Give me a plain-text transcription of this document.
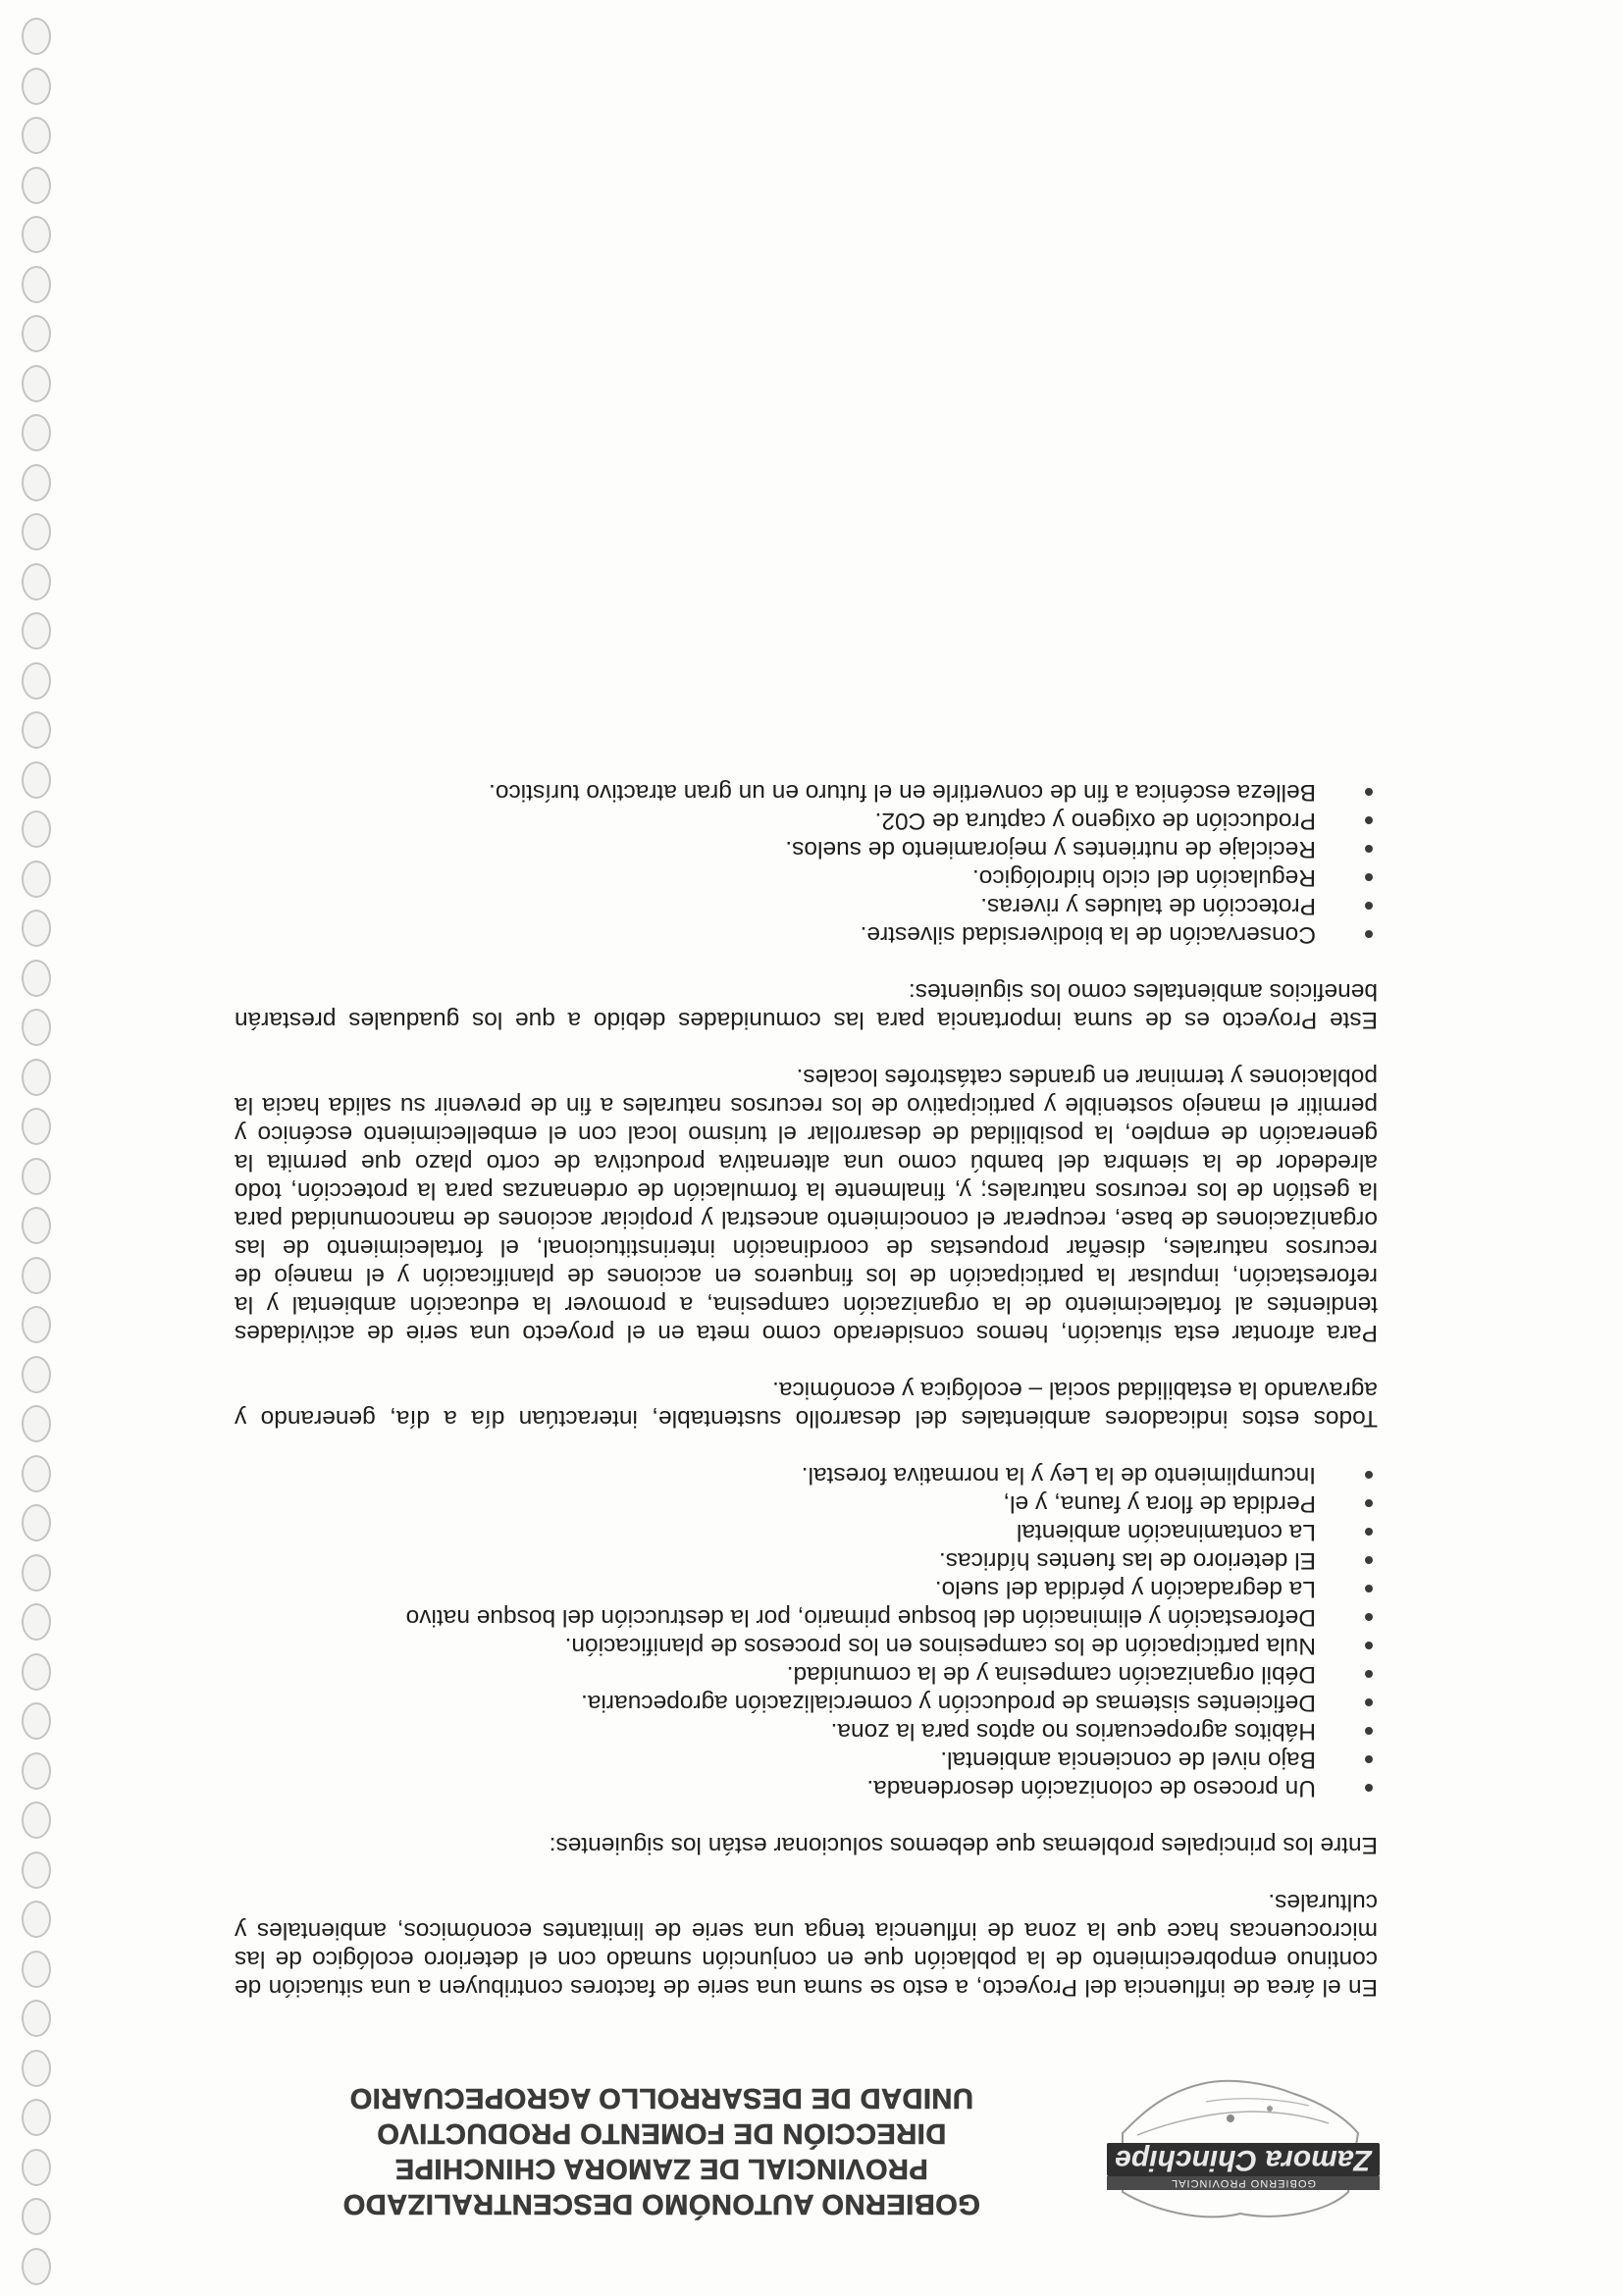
GOBIERNO PROVINCIAL
Zamora Chinchipe
GOBIERNO AUTONÓMO DESCENTRALIZADO
PROVINCIAL DE ZAMORA CHINCHIPE
DIRECCIÓN DE FOMENTO PRODUCTIVO
UNIDAD DE DESARROLLO AGROPECUARIO

En el área de influencia del Proyecto, a esto se suma una serie de factores contribuyen a una situación de continuo empobrecimiento de la población que en conjunción sumado con el deterioro ecológico de las microcuencas hace que la zona de influencia tenga una serie de limitantes económicos, ambientales y culturales.

Entre los principales problemas que debemos solucionar están los siguientes:

Un proceso de colonización desordenada.
Bajo nivel de conciencia ambiental.
Hábitos agropecuarios no aptos para la zona.
Deficientes sistemas de producción y comercialización agropecuaria.
Débil organización campesina y de la comunidad.
Nula participación de los campesinos en los procesos de planificación.
Deforestación y eliminación del bosque primario, por la destrucción del bosque nativo
La degradación y pérdida del suelo.
El deterioro de las fuentes hídricas.
La contaminación ambiental
Perdida de flora y fauna, y el,
Incumplimiento de la Ley y la normativa forestal.

Todos estos indicadores ambientales del desarrollo sustentable, interactúan día a día, generando y agravando la estabilidad social – ecológica y económica.

Para afrontar esta situación, hemos considerado como meta en el proyecto una serie de actividades tendientes al fortalecimiento de la organización campesina, a promover la educación ambiental y la reforestación, impulsar la participación de los finqueros en acciones de planificación y el manejo de recursos naturales, diseñar propuestas de coordinación interinstitucional, el fortalecimiento de las organizaciones de base, recuperar el conocimiento ancestral y propiciar acciones de mancomunidad para la gestión de los recursos naturales; y, finalmente la formulación de ordenanzas para la protección, todo alrededor de la siembra del bambú como una alternativa productiva de corto plazo que permita la generación de empleo, la posibilidad de desarrollar el turismo local con el embellecimiento escénico y permitir el manejo sostenible y participativo de los recursos naturales a fin de prevenir su salida hacia la poblaciones y terminar en grandes catástrofes locales.

Este Proyecto es de suma importancia para las comunidades debido a que los guaduales prestarán beneficios ambientales como los siguientes:

Conservación de la biodiversidad silvestre.
Protección de taludes y riveras.
Regulación del ciclo hidrológico.
Reciclaje de nutrientes y mejoramiento de suelos.
Producción de oxigeno y captura de C02.
Belleza escénica a fin de convertirle en el futuro en un gran atractivo turístico.
